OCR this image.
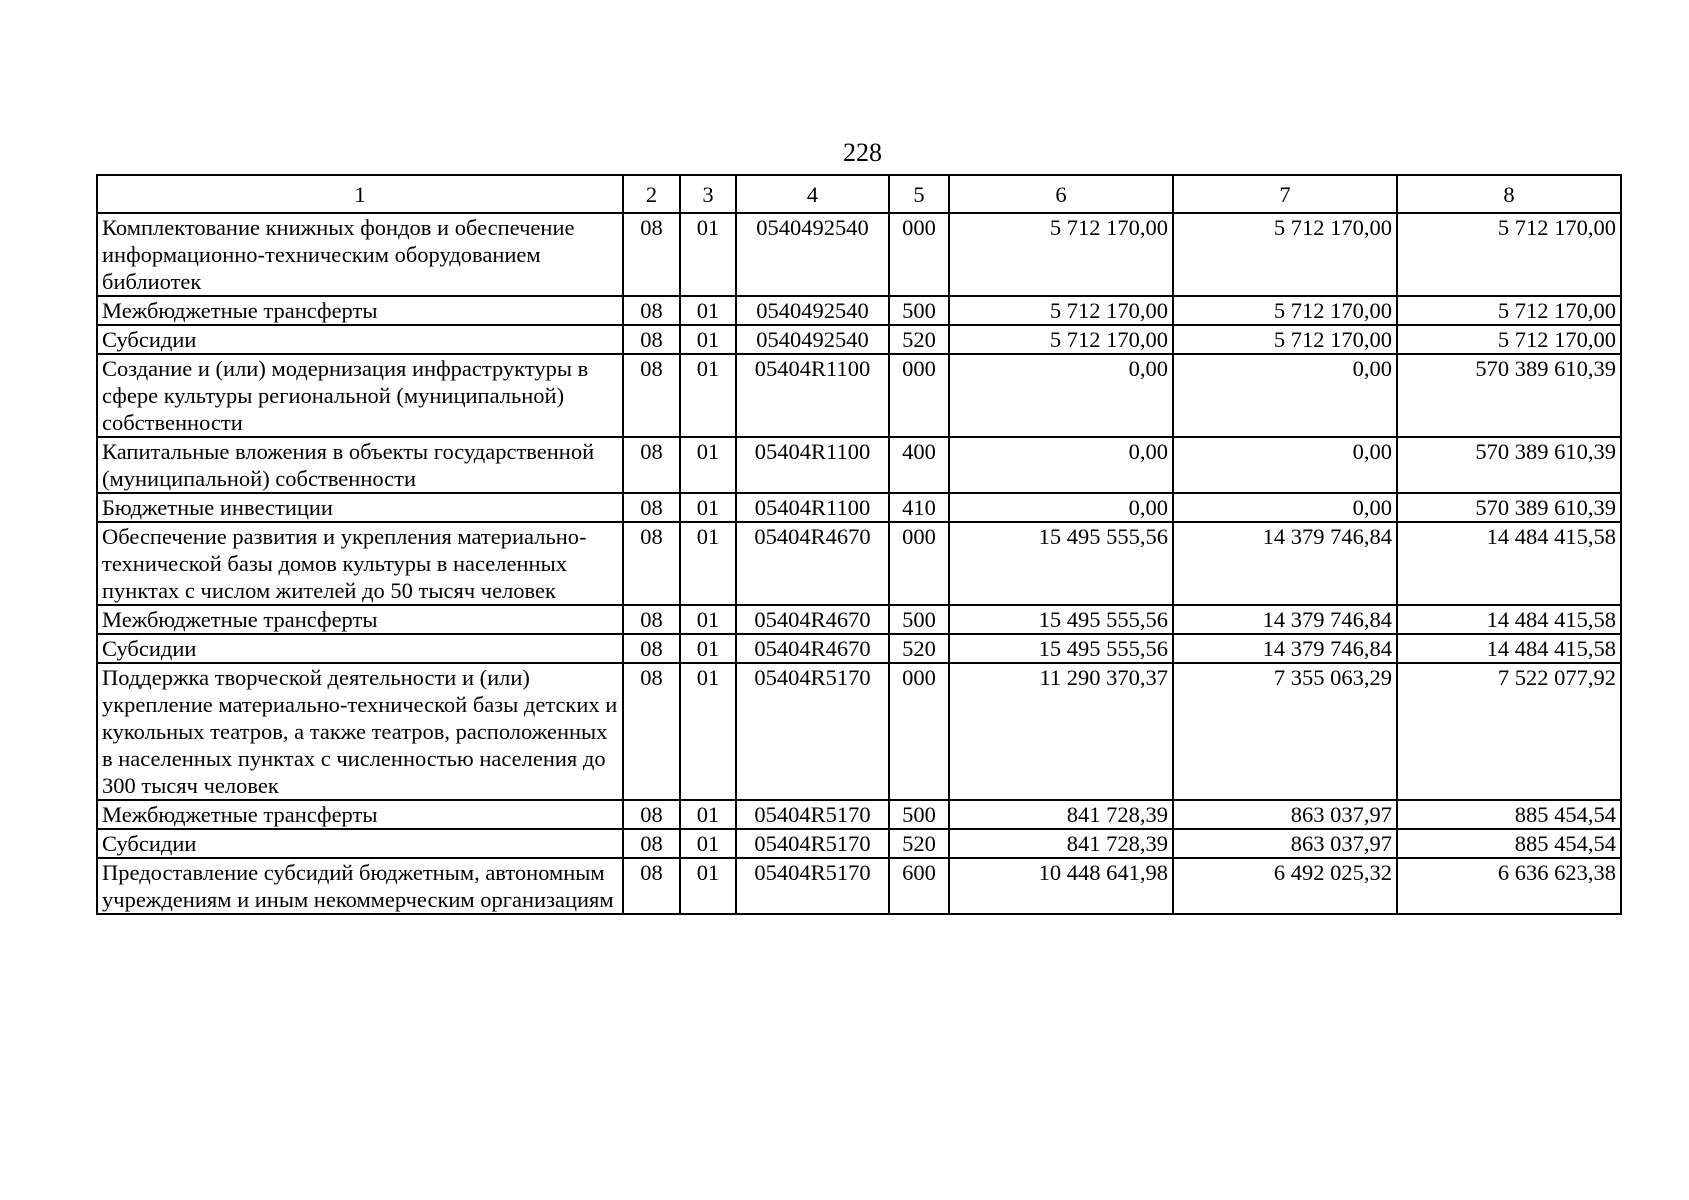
228
1	2	3	4	5	6	7	8
Комплектование книжных фондов и обеспечение информационно-техническим оборудованием библиотек	08	01	0540492540	000	5 712 170,00	5 712 170,00	5 712 170,00
Межбюджетные трансферты	08	01	0540492540	500	5 712 170,00	5 712 170,00	5 712 170,00
Субсидии	08	01	0540492540	520	5 712 170,00	5 712 170,00	5 712 170,00
Создание и (или) модернизация инфраструктуры в сфере культуры региональной (муниципальной) собственности	08	01	05404R1100	000	0,00	0,00	570 389 610,39
Капитальные вложения в объекты государственной (муниципальной) собственности	08	01	05404R1100	400	0,00	0,00	570 389 610,39
Бюджетные инвестиции	08	01	05404R1100	410	0,00	0,00	570 389 610,39
Обеспечение развития и укрепления материально-технической базы домов культуры в населенных пунктах с числом жителей до 50 тысяч человек	08	01	05404R4670	000	15 495 555,56	14 379 746,84	14 484 415,58
Межбюджетные трансферты	08	01	05404R4670	500	15 495 555,56	14 379 746,84	14 484 415,58
Субсидии	08	01	05404R4670	520	15 495 555,56	14 379 746,84	14 484 415,58
Поддержка творческой деятельности и (или) укрепление материально-технической базы детских и кукольных театров, а также театров, расположенных в населенных пунктах с численностью населения до 300 тысяч человек	08	01	05404R5170	000	11 290 370,37	7 355 063,29	7 522 077,92
Межбюджетные трансферты	08	01	05404R5170	500	841 728,39	863 037,97	885 454,54
Субсидии	08	01	05404R5170	520	841 728,39	863 037,97	885 454,54
Предоставление субсидий бюджетным, автономным учреждениям и иным некоммерческим организациям	08	01	05404R5170	600	10 448 641,98	6 492 025,32	6 636 623,38
